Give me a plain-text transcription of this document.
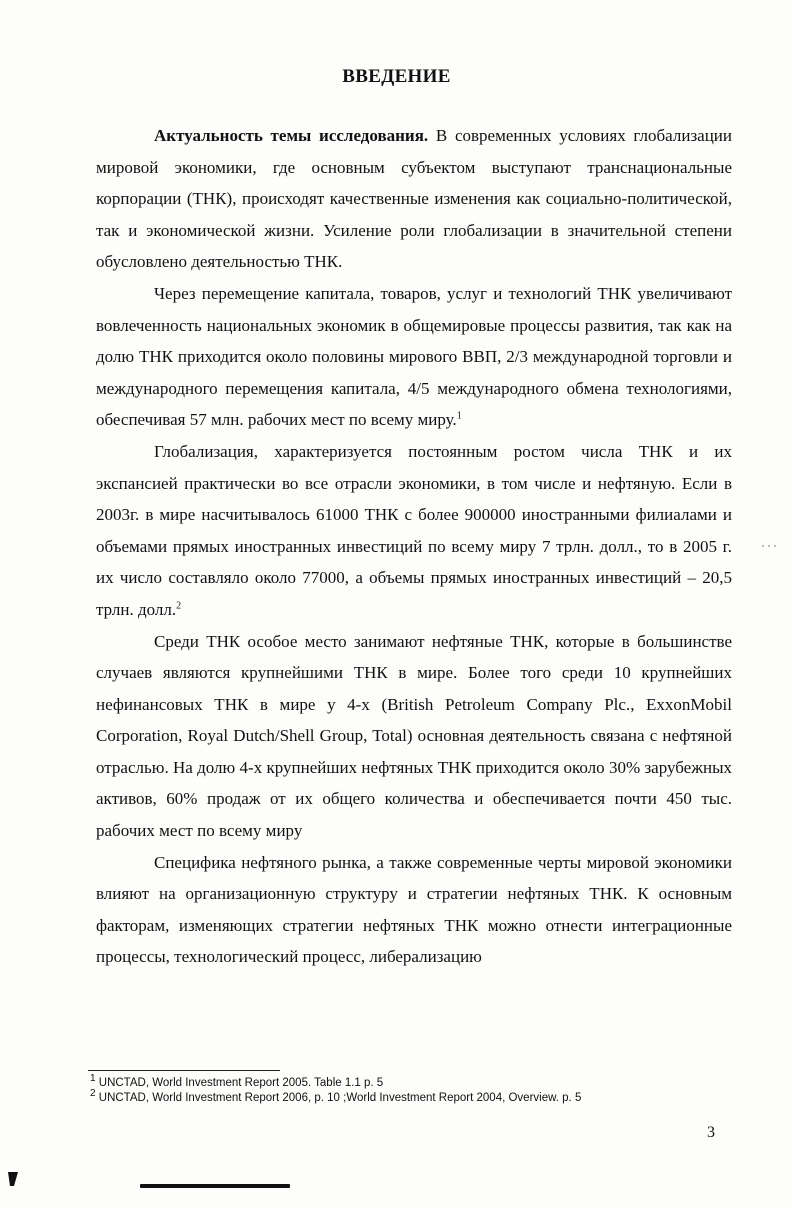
ВВЕДЕНИЕ

Актуальность темы исследования. В современных условиях глобализации мировой экономики, где основным субъектом выступают транснациональные корпорации (ТНК), происходят качественные изменения как социально-политической, так и экономической жизни. Усиление роли глобализации в значительной степени обусловлено деятельностью ТНК.

Через перемещение капитала, товаров, услуг и технологий ТНК увеличивают вовлеченность национальных экономик в общемировые процессы развития, так как на долю ТНК приходится около половины мирового ВВП, 2/3 международной торговли и международного перемещения капитала, 4/5 международного обмена технологиями, обеспечивая 57 млн. рабочих мест по всему миру.$^1$

Глобализация, характеризуется постоянным ростом числа ТНК и их экспансией практически во все отрасли экономики, в том числе и нефтяную. Если в 2003г. в мире насчитывалось 61000 ТНК с более 900000 иностранными филиалами и объемами прямых иностранных инвестиций по всему миру 7 трлн. долл., то в 2005 г. их число составляло около 77000, а объемы прямых иностранных инвестиций – 20,5 трлн. долл.$^2$

Среди ТНК особое место занимают нефтяные ТНК, которые в большинстве случаев являются крупнейшими ТНК в мире. Более того среди 10 крупнейших нефинансовых ТНК в мире у 4-х (British Petroleum Company Plc., ExxonMobil Corporation, Royal Dutch/Shell Group, Total) основная деятельность связана с нефтяной отраслью. На долю 4-х крупнейших нефтяных ТНК приходится около 30% зарубежных активов, 60% продаж от их общего количества и обеспечивается почти 450 тыс. рабочих мест по всему миру

Специфика нефтяного рынка, а также современные черты мировой экономики влияют на организационную структуру и стратегии нефтяных ТНК. К основным факторам, изменяющих стратегии нефтяных ТНК можно отнести интеграционные процессы, технологический процесс, либерализацию

$^1$ UNCTAD, World Investment Report 2005. Table 1.1 p. 5
$^2$ UNCTAD, World Investment Report 2006, p. 10 ;World Investment Report 2004, Overview. p. 5
3
